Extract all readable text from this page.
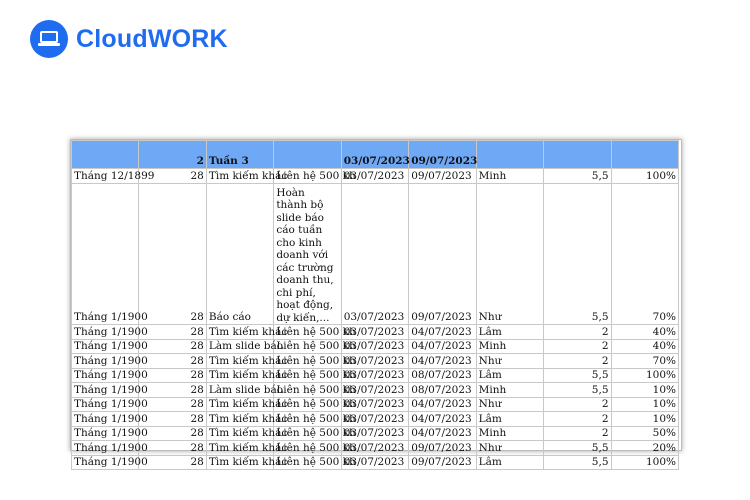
CloudWORK
	2	Tuần 3		03/07/2023	09/07/2023			
Tháng 12/1899	28	Tìm kiếm khác	Liên hệ 500 kh	03/07/2023	09/07/2023	Minh	5,5	100%
Tháng 1/1900	28	Báo cáo	Hoàn thành bộ slide báo cáo tuần cho kinh doanh với các trường doanh thu, chi phí, hoạt động, dự kiến,...	03/07/2023	09/07/2023	Như	5,5	70%
Tháng 1/1900	28	Tìm kiếm khác	Liên hệ 500 kh	03/07/2023	04/07/2023	Lâm	2	40%
Tháng 1/1900	28	Làm slide báo	Liên hệ 500 kh	03/07/2023	04/07/2023	Minh	2	40%
Tháng 1/1900	28	Tìm kiếm khác	Liên hệ 500 kh	03/07/2023	04/07/2023	Như	2	70%
Tháng 1/1900	28	Tìm kiếm khác	Liên hệ 500 kh	03/07/2023	08/07/2023	Lâm	5,5	100%
Tháng 1/1900	28	Làm slide báo	Liên hệ 500 kh	03/07/2023	08/07/2023	Minh	5,5	10%
Tháng 1/1900	28	Tìm kiếm khác	Liên hệ 500 kh	03/07/2023	04/07/2023	Như	2	10%
Tháng 1/1900	28	Tìm kiếm khác	Liên hệ 500 kh	03/07/2023	04/07/2023	Lâm	2	10%
Tháng 1/1900	28	Tìm kiếm khác	Liên hệ 500 kh	03/07/2023	04/07/2023	Minh	2	50%
Tháng 1/1900	28	Tìm kiếm khác	Liên hệ 500 kh	03/07/2023	09/07/2023	Như	5,5	20%
Tháng 1/1900	28	Tìm kiếm khác	Liên hệ 500 kh	03/07/2023	09/07/2023	Lâm	5,5	100%
